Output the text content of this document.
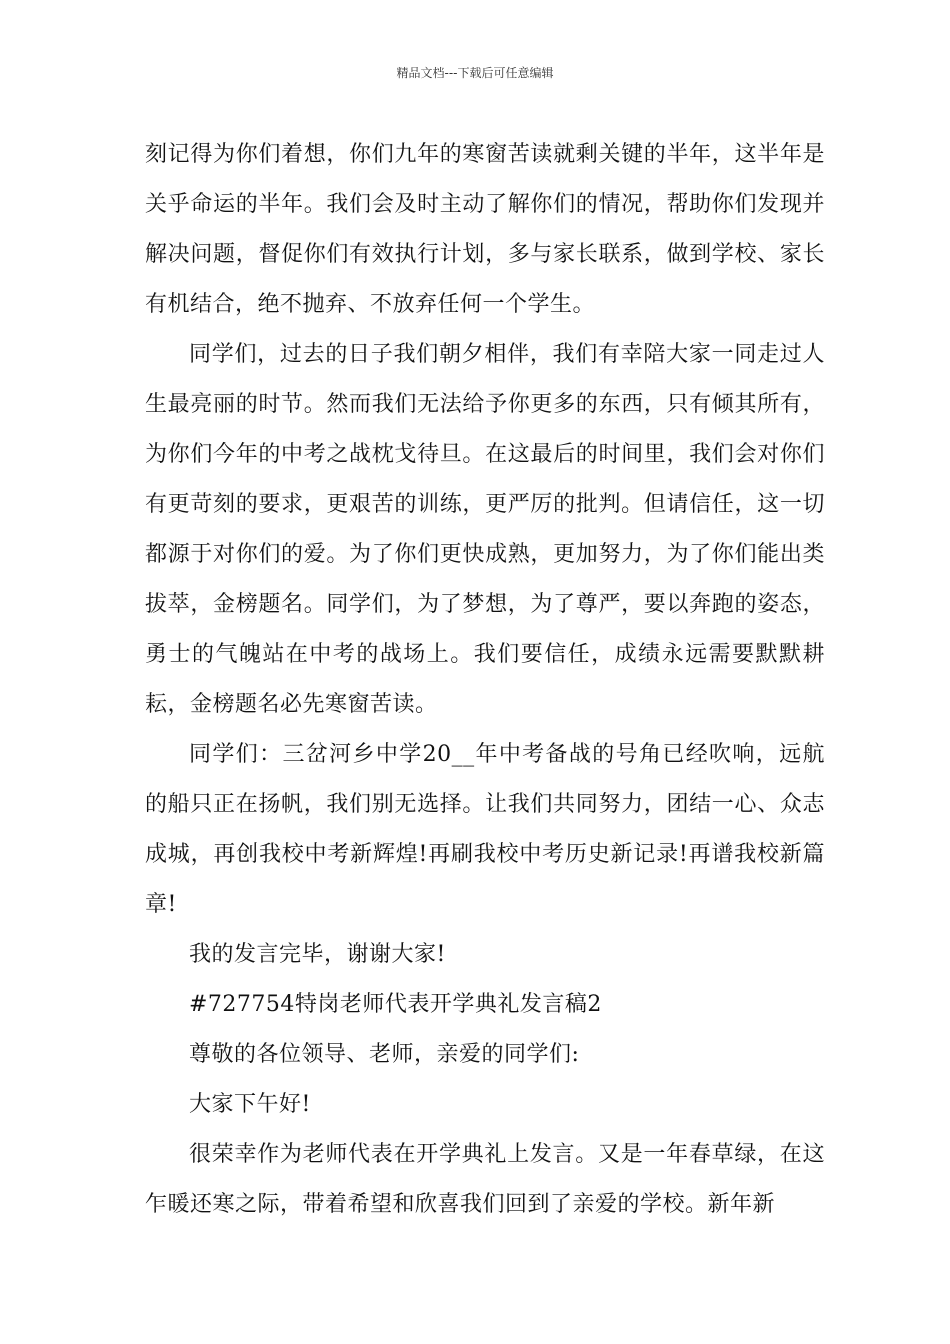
精品文档---下载后可任意编辑

刻记得为你们着想，你们九年的寒窗苦读就剩关键的半年，这半年是关乎命运的半年。我们会及时主动了解你们的情况，帮助你们发现并解决问题，督促你们有效执行计划，多与家长联系，做到学校、家长有机结合，绝不抛弃、不放弃任何一个学生。

同学们，过去的日子我们朝夕相伴，我们有幸陪大家一同走过人生最亮丽的时节。然而我们无法给予你更多的东西，只有倾其所有，为你们今年的中考之战枕戈待旦。在这最后的时间里，我们会对你们有更苛刻的要求，更艰苦的训练，更严厉的批判。但请信任，这一切都源于对你们的爱。为了你们更快成熟，更加努力，为了你们能出类拔萃，金榜题名。同学们，为了梦想，为了尊严，要以奔跑的姿态，勇士的气魄站在中考的战场上。我们要信任，成绩永远需要默默耕耘，金榜题名必先寒窗苦读。

同学们：三岔河乡中学20__年中考备战的号角已经吹响，远航的船只正在扬帆，我们别无选择。让我们共同努力，团结一心、众志成城，再创我校中考新辉煌!再刷我校中考历史新记录!再谱我校新篇章!

我的发言完毕，谢谢大家!

#727754特岗老师代表开学典礼发言稿2

尊敬的各位领导、老师，亲爱的同学们:

大家下午好!

很荣幸作为老师代表在开学典礼上发言。又是一年春草绿，在这乍暖还寒之际，带着希望和欣喜我们回到了亲爱的学校。新年新
